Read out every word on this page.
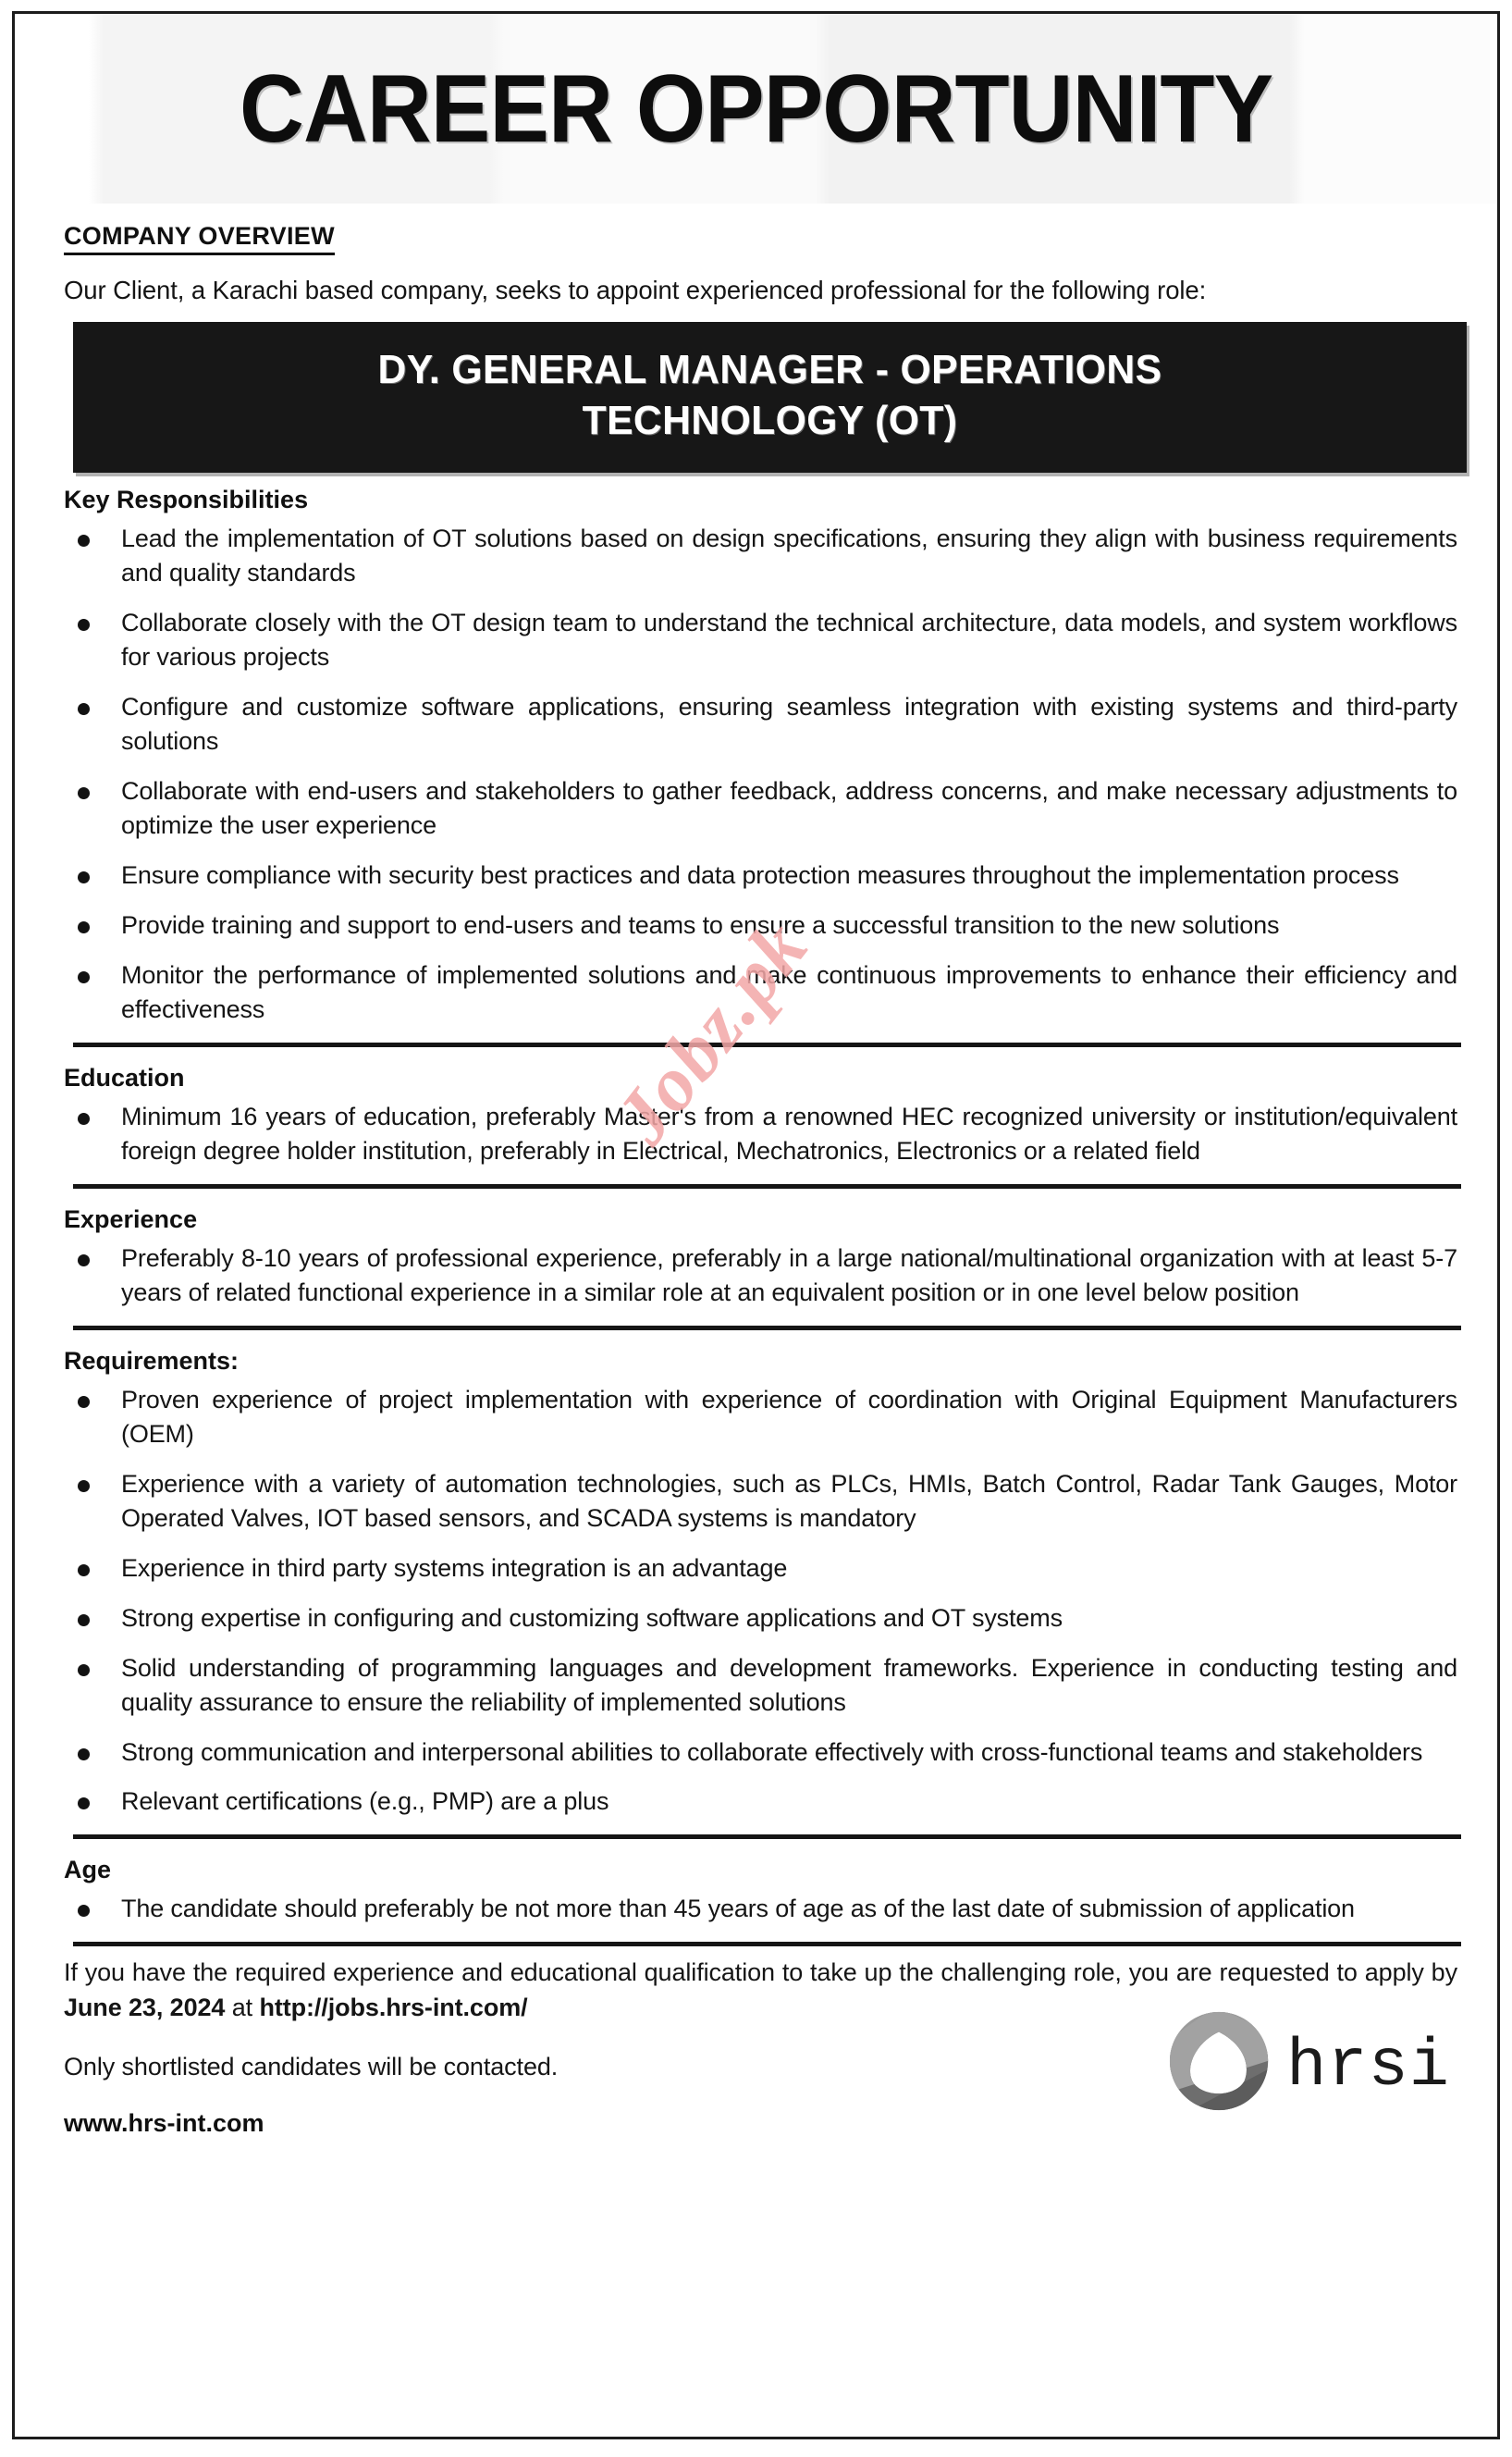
CAREER OPPORTUNITY
COMPANY OVERVIEW
Our Client, a Karachi based company, seeks to appoint experienced professional for the following role:
DY. GENERAL MANAGER - OPERATIONS
TECHNOLOGY (OT)
Key Responsibilities
Lead the implementation of OT solutions based on design specifications, ensuring they align with business requirements and quality standards
Collaborate closely with the OT design team to understand the technical architecture, data models, and system workflows for various projects
Configure and customize software applications, ensuring seamless integration with existing systems and third-party solutions
Collaborate with end-users and stakeholders to gather feedback, address concerns, and make necessary adjustments to optimize the user experience
Ensure compliance with security best practices and data protection measures throughout the implementation process
Provide training and support to end-users and teams to ensure a successful transition to the new solutions
Monitor the performance of implemented solutions and make continuous improvements to enhance their efficiency and effectiveness
Education
Minimum 16 years of education, preferably Master's from a renowned HEC recognized university or institution/equivalent foreign degree holder institution, preferably in Electrical, Mechatronics, Electronics or a related field
Experience
Preferably 8-10 years of professional experience, preferably in a large national/multinational organization with at least 5-7 years of related functional experience in a similar role at an equivalent position or in one level below position
Requirements:
Proven experience of project implementation with experience of coordination with Original Equipment Manufacturers (OEM)
Experience with a variety of automation technologies, such as PLCs, HMIs, Batch Control, Radar Tank Gauges, Motor Operated Valves, IOT based sensors, and SCADA systems is mandatory
Experience in third party systems integration is an advantage
Strong expertise in configuring and customizing software applications and OT systems
Solid understanding of programming languages and development frameworks. Experience in conducting testing and quality assurance to ensure the reliability of implemented solutions
Strong communication and interpersonal abilities to collaborate effectively with cross-functional teams and stakeholders
Relevant certifications (e.g., PMP) are a plus
Age
The candidate should preferably be not more than 45 years of age as of the last date of submission of application

If you have the required experience and educational qualification to take up the challenging role, you are requested to apply by June 23, 2024 at http://jobs.hrs-int.com/

Only shortlisted candidates will be contacted.

www.hrs-int.com
hrsi
Jobz.pk
